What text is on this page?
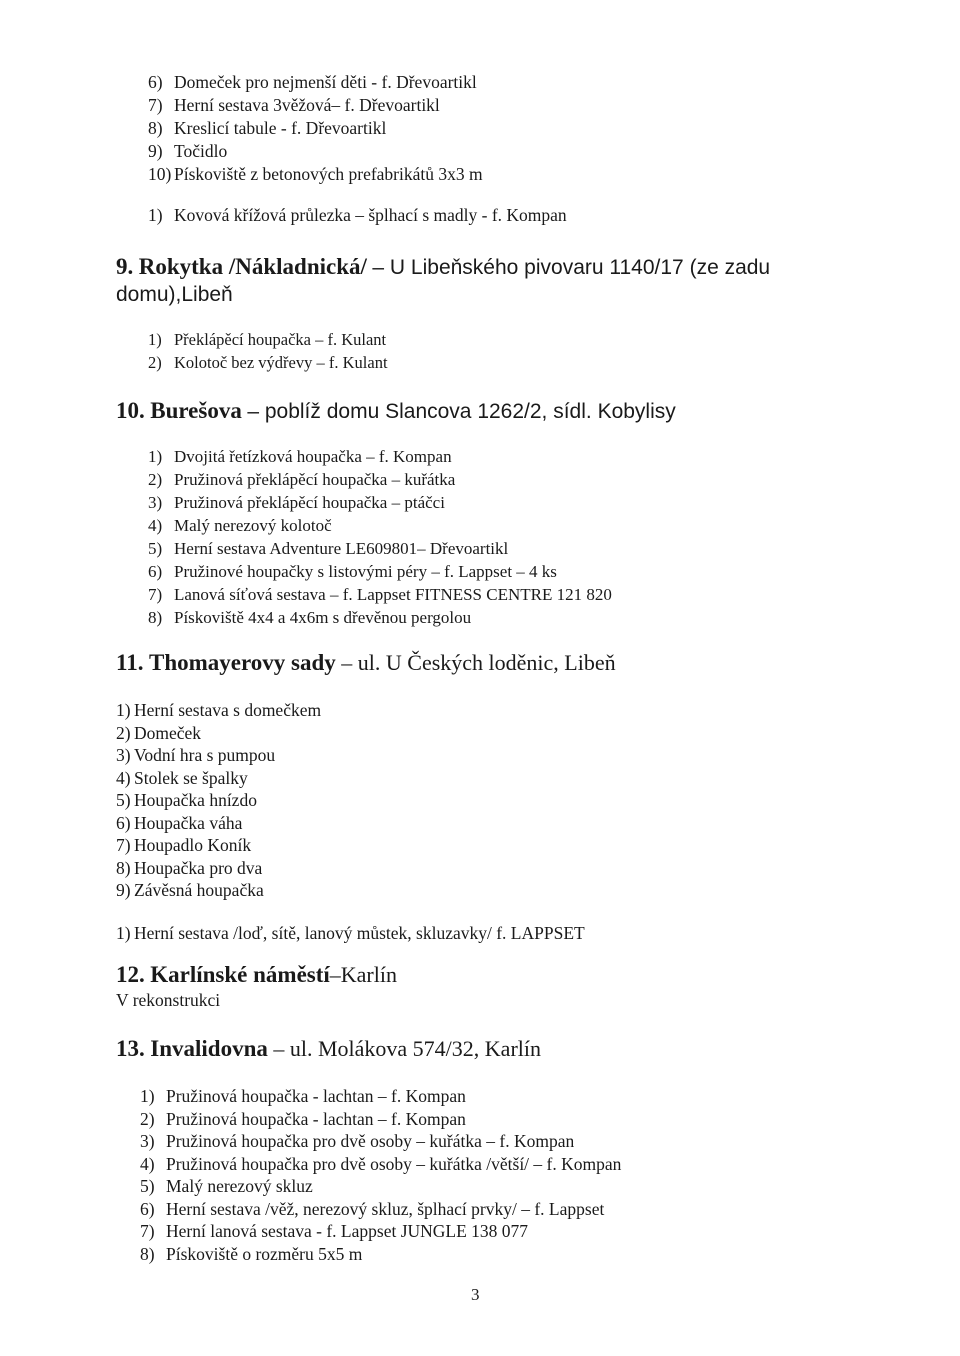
6) Domeček pro nejmenší děti - f. Dřevoartikl
7) Herní sestava 3věžová– f. Dřevoartikl
8) Kreslicí tabule - f. Dřevoartikl
9) Točidlo
10) Pískoviště z betonových prefabrikátů 3x3 m
1) Kovová křížová průlezka – šplhací s madly - f. Kompan
9. Rokytka /Nákladnická/ – U Libeňského pivovaru 1140/17 (ze zadu
domu),Libeň
1) Překlápěcí houpačka – f. Kulant
2) Kolotoč bez výdřevy – f. Kulant
10. Burešova – poblíž domu Slancova 1262/2, sídl. Kobylisy
1) Dvojitá řetízková houpačka – f. Kompan
2) Pružinová překlápěcí houpačka – kuřátka
3) Pružinová překlápěcí houpačka – ptáčci
4) Malý nerezový kolotoč
5) Herní sestava Adventure LE609801– Dřevoartikl
6) Pružinové houpačky s listovými péry – f. Lappset – 4 ks
7) Lanová síťová sestava – f. Lappset FITNESS CENTRE 121 820
8) Pískoviště 4x4 a 4x6m s dřevěnou pergolou
11. Thomayerovy sady – ul. U Českých loděnic, Libeň
1) Herní sestava s domečkem
2) Domeček
3) Vodní hra s pumpou
4) Stolek se špalky
5) Houpačka hnízdo
6) Houpačka váha
7) Houpadlo Koník
8) Houpačka pro dva
9) Závěsná houpačka
1) Herní sestava /loď, sítě, lanový můstek, skluzavky/ f. LAPPSET
12. Karlínské náměstí–Karlín
V rekonstrukci
13. Invalidovna – ul. Molákova 574/32, Karlín
1) Pružinová houpačka - lachtan – f. Kompan
2) Pružinová houpačka - lachtan – f. Kompan
3) Pružinová houpačka pro dvě osoby – kuřátka – f. Kompan
4) Pružinová houpačka pro dvě osoby – kuřátka /větší/ – f. Kompan
5) Malý nerezový skluz
6) Herní sestava /věž, nerezový skluz, šplhací prvky/ – f. Lappset
7) Herní lanová sestava - f. Lappset JUNGLE 138 077
8) Pískoviště o rozměru 5x5 m
3
